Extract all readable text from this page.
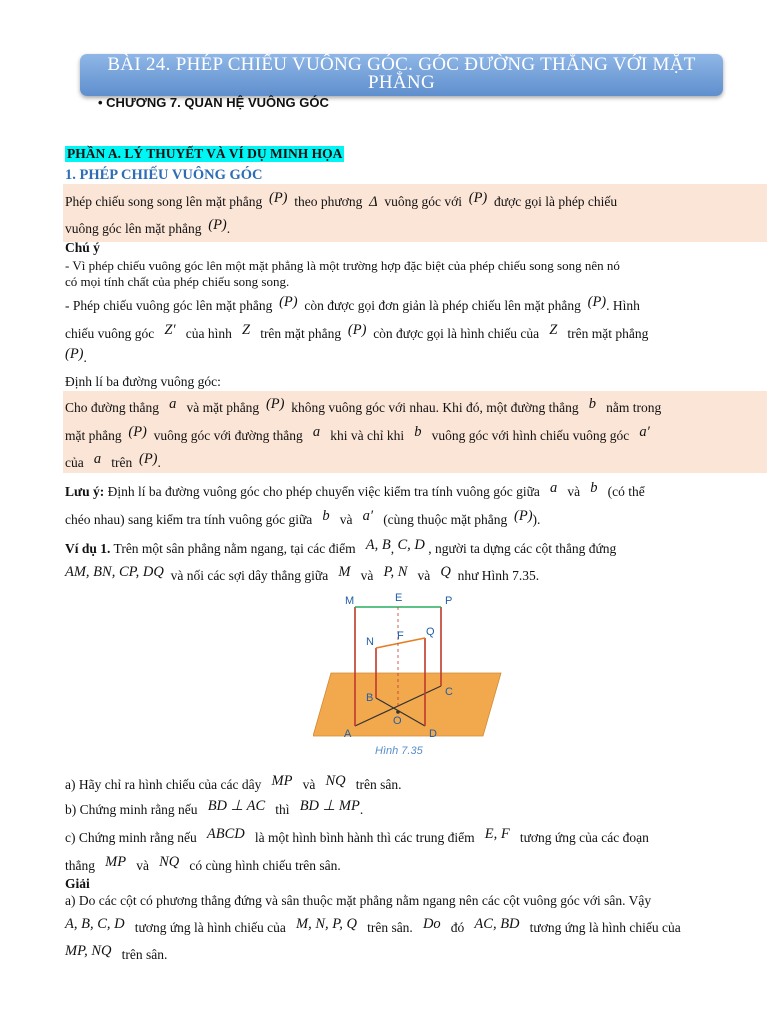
BÀI 24. PHÉP CHIẾU VUÔNG GÓC. GÓC ĐƯỜNG THẲNG VỚI MẶT
PHẲNG
• CHƯƠNG 7. QUAN HỆ VUÔNG GÓC
PHẦN A. LÝ THUYẾT VÀ VÍ DỤ MINH HỌA
1. PHÉP CHIẾU VUÔNG GÓC
Phép chiếu song song lên mặt phẳng (P) theo phương Δ vuông góc với (P) được gọi là phép chiếu
vuông góc lên mặt phẳng (P).
Chú ý
- Vì phép chiếu vuông góc lên một mặt phẳng là một trường hợp đặc biệt của phép chiếu song song nên nó
có mọi tính chất của phép chiếu song song.
- Phép chiếu vuông góc lên mặt phẳng (P) còn được gọi đơn giản là phép chiếu lên mặt phẳng (P). Hình
chiếu vuông góc Z′ của hình Z trên mặt phẳng (P) còn được gọi là hình chiếu của Z trên mặt phẳng
(P).
Định lí ba đường vuông góc:
Cho đường thẳng a và mặt phẳng (P) không vuông góc với nhau. Khi đó, một đường thẳng b nằm trong
mặt phẳng (P) vuông góc với đường thẳng a khi và chỉ khi b vuông góc với hình chiếu vuông góc a′
của a trên (P).
Lưu ý: Định lí ba đường vuông góc cho phép chuyển việc kiểm tra tính vuông góc giữa a và b (có thể
chéo nhau) sang kiểm tra tính vuông góc giữa b và a′ (cùng thuộc mặt phẳng (P)).
Ví dụ 1. Trên một sân phẳng nằm ngang, tại các điểm A, B, C, D , người ta dựng các cột thẳng đứng
AM, BN, CP, DQ và nối các sợi dây thẳng giữa M và P, N và Q như Hình 7.35.
M	E	P
N F Q
B	C
O
A	D
Hình 7.35
a) Hãy chỉ ra hình chiếu của các dây MP và NQ trên sân.
b) Chứng minh rằng nếu BD ⊥ AC thì BD ⊥ MP.
c) Chứng minh rằng nếu ABCD là một hình bình hành thì các trung điểm E, F tương ứng của các đoạn
thẳng MP và NQ có cùng hình chiếu trên sân.
Giải
a) Do các cột có phương thẳng đứng và sân thuộc mặt phẳng nằm ngang nên các cột vuông góc với sân. Vậy
A, B, C, D tương ứng là hình chiếu của M, N, P, Q trên sân. Do đó AC, BD tương ứng là hình chiếu của
MP, NQ trên sân.
